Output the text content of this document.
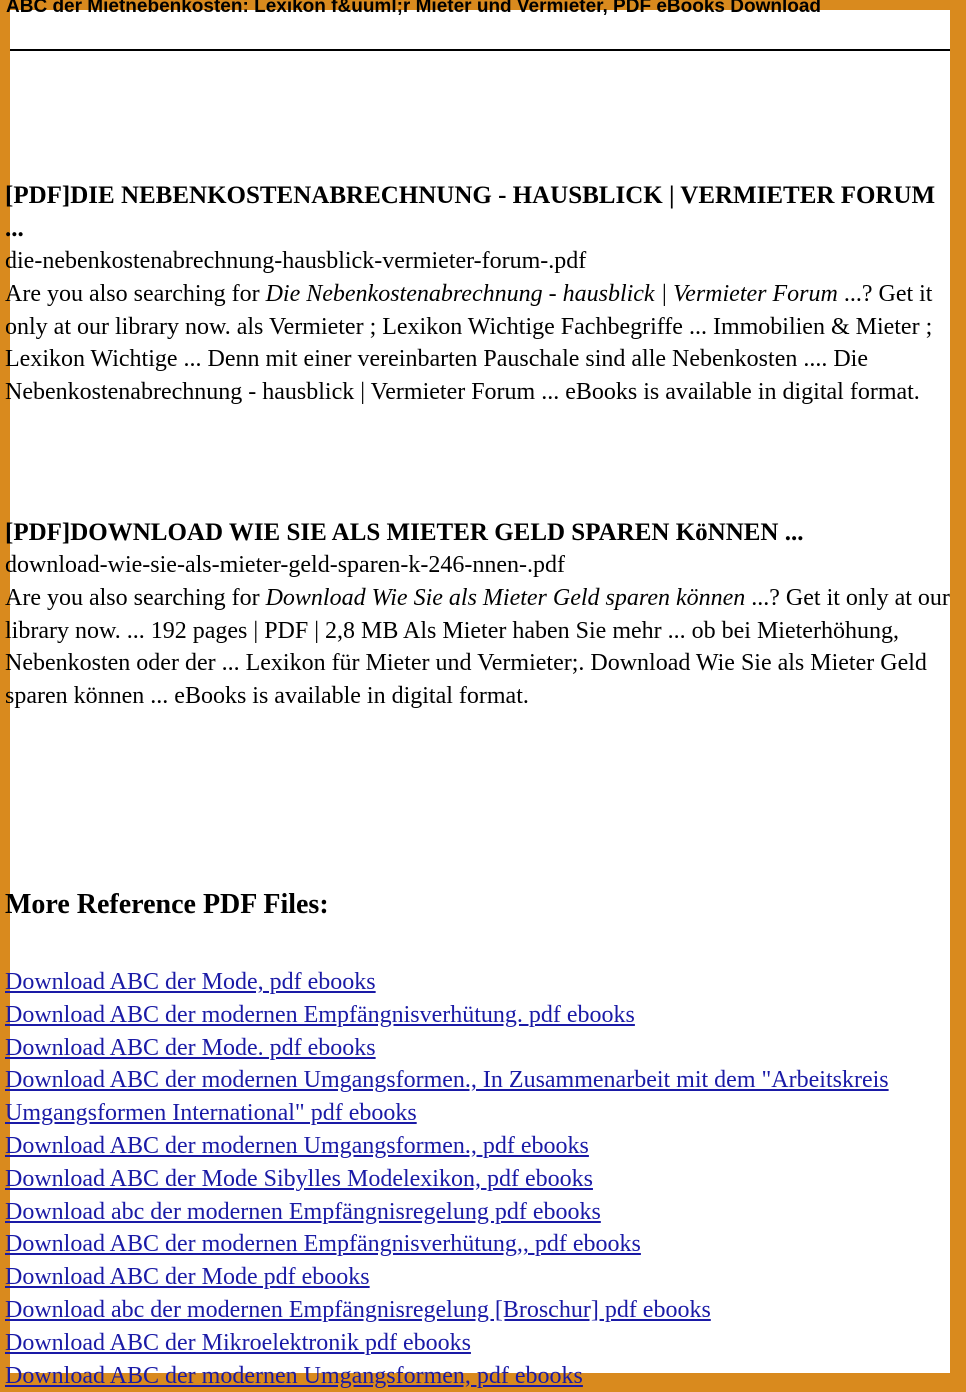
ABC der Mietnebenkosten: Lexikon f&uuml;r Mieter und Vermieter, PDF eBooks Download

[PDF]DIE NEBENKOSTENABRECHNUNG - HAUSBLICK | VERMIETER FORUM ...

die-nebenkostenabrechnung-hausblick-vermieter-forum-.pdf

Are you also searching for Die Nebenkostenabrechnung - hausblick | Vermieter Forum ...? Get it only at our library now. als Vermieter ; Lexikon Wichtige Fachbegriffe ... Immobilien & Mieter ; Lexikon Wichtige ... Denn mit einer vereinbarten Pauschale sind alle Nebenkosten .... Die Nebenkostenabrechnung - hausblick | Vermieter Forum ... eBooks is available in digital format.

[PDF]DOWNLOAD WIE SIE ALS MIETER GELD SPAREN KöNNEN ...

download-wie-sie-als-mieter-geld-sparen-k-246-nnen-.pdf

Are you also searching for Download Wie Sie als Mieter Geld sparen können ...? Get it only at our library now. ... 192 pages | PDF | 2,8 MB Als Mieter haben Sie mehr ... ob bei Mieterhöhung, Nebenkosten oder der ... Lexikon für Mieter und Vermieter;. Download Wie Sie als Mieter Geld sparen können ... eBooks is available in digital format.

More Reference PDF Files:
Download ABC der Mode, pdf ebooks
Download ABC der modernen Empfängnisverhütung. pdf ebooks
Download ABC der Mode. pdf ebooks
Download ABC der modernen Umgangsformen., In Zusammenarbeit mit dem "Arbeitskreis Umgangsformen International" pdf ebooks
Download ABC der modernen Umgangsformen., pdf ebooks
Download ABC der Mode Sibylles Modelexikon, pdf ebooks
Download abc der modernen Empfängnisregelung pdf ebooks
Download ABC der modernen Empfängnisverhütung,, pdf ebooks
Download ABC der Mode pdf ebooks
Download abc der modernen Empfängnisregelung [Broschur] pdf ebooks
Download ABC der Mikroelektronik pdf ebooks
Download ABC der modernen Umgangsformen, pdf ebooks
